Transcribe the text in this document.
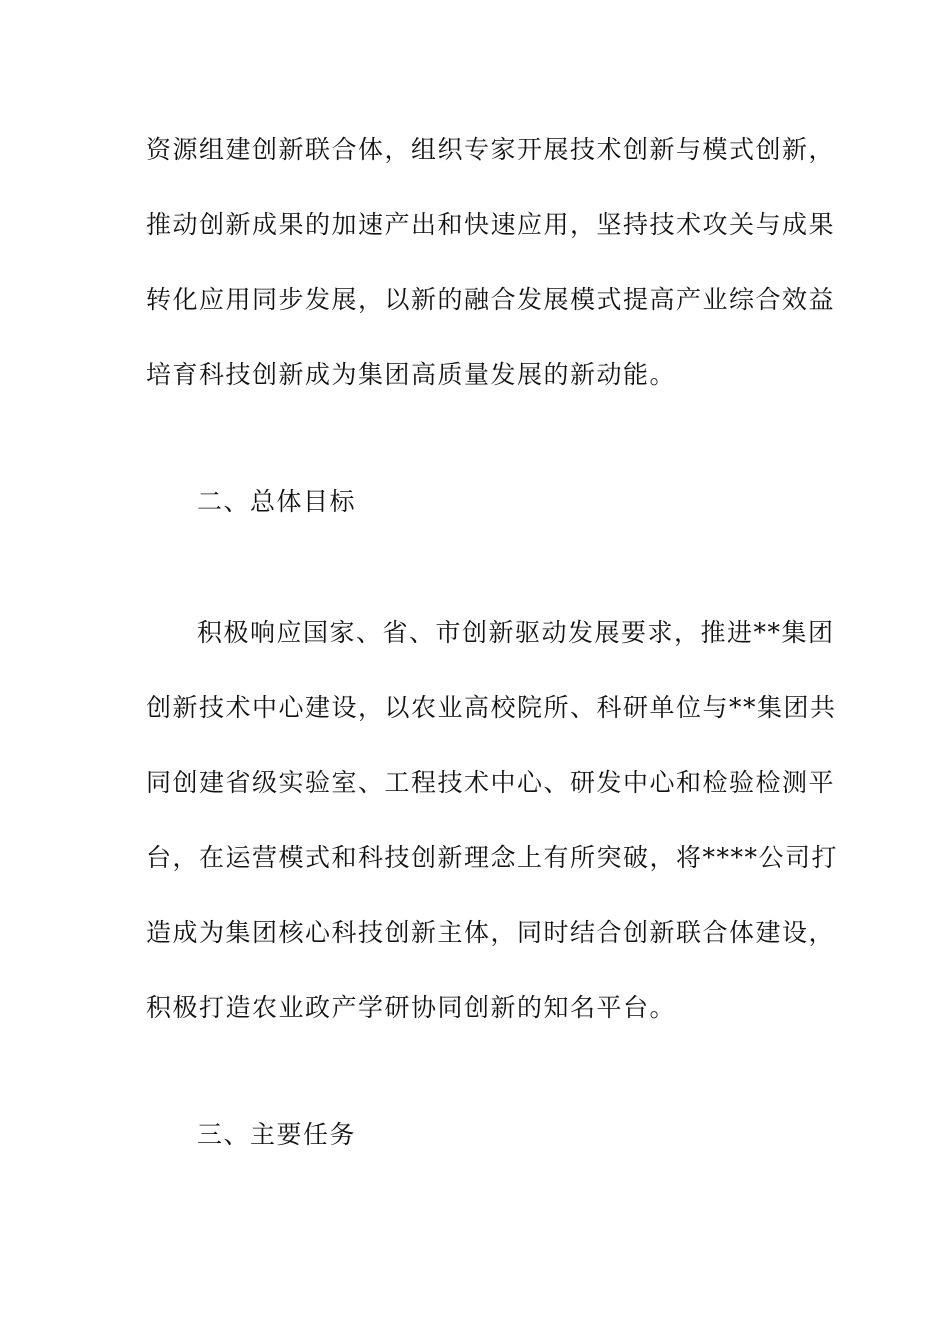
资源组建创新联合体，组织专家开展技术创新与模式创新，
推动创新成果的加速产出和快速应用，坚持技术攻关与成果
转化应用同步发展，以新的融合发展模式提高产业综合效益
培育科技创新成为集团高质量发展的新动能。
二、总体目标
积极响应国家、省、市创新驱动发展要求，推进**集团
创新技术中心建设，以农业高校院所、科研单位与**集团共
同创建省级实验室、工程技术中心、研发中心和检验检测平
台，在运营模式和科技创新理念上有所突破，将****公司打
造成为集团核心科技创新主体，同时结合创新联合体建设，
积极打造农业政产学研协同创新的知名平台。
三、主要任务
